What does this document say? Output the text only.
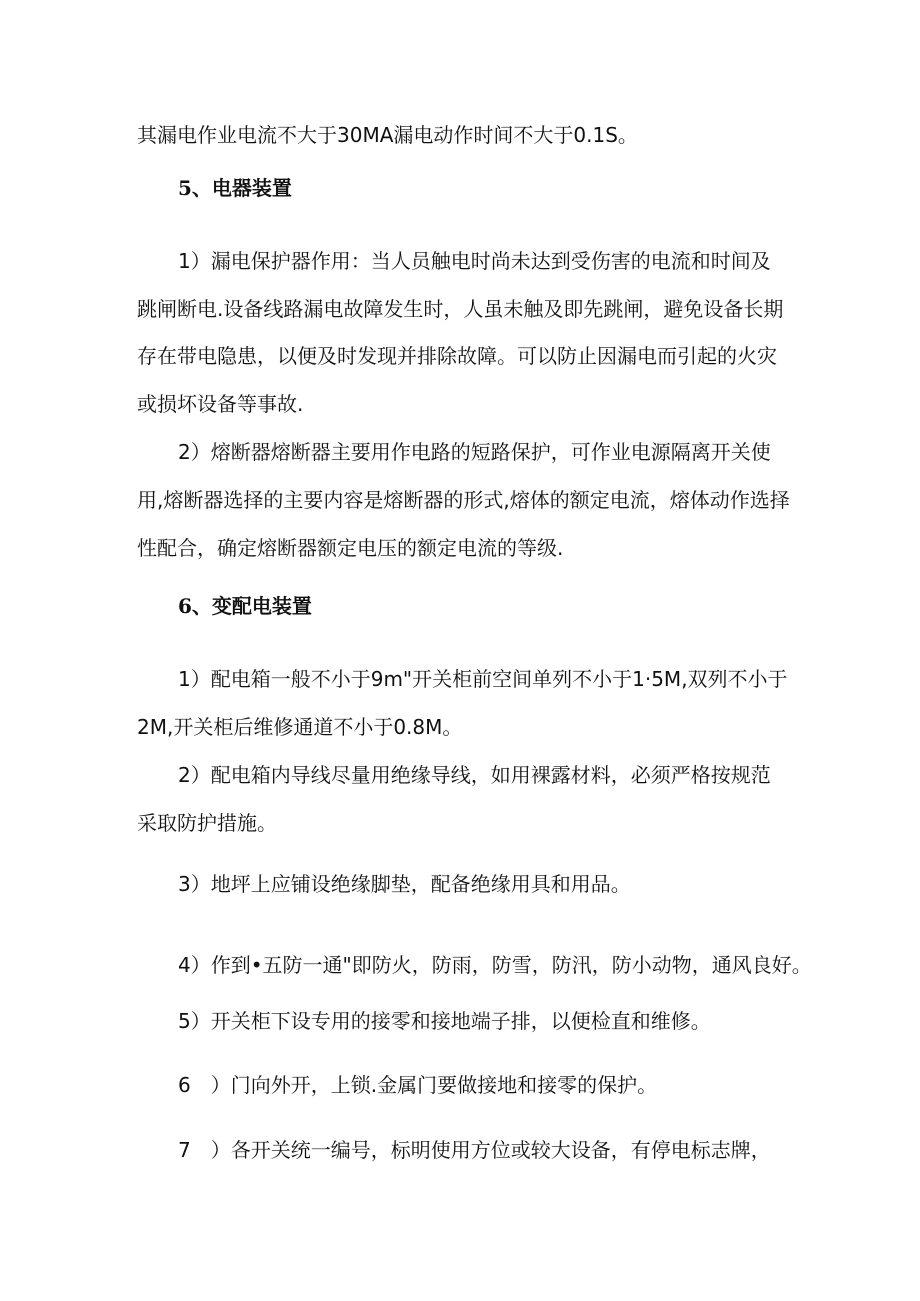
其漏电作业电流不大于30MA漏电动作时间不大于0.1S。

5、电器装置

1）漏电保护器作用：当人员触电时尚未达到受伤害的电流和时间及

跳闸断电.设备线路漏电故障发生时，人虽未触及即先跳闸，避免设备长期

存在带电隐患，以便及时发现并排除故障。可以防止因漏电而引起的火灾

或损坏设备等事故.

2）熔断器熔断器主要用作电路的短路保护，可作业电源隔离开关使

用,熔断器选择的主要内容是熔断器的形式,熔体的额定电流，熔体动作选择

性配合，确定熔断器额定电压的额定电流的等级.

6、变配电装置

1）配电箱一般不小于9m"开关柜前空间单列不小于1·5M,双列不小于

2M,开关柜后维修通道不小于0.8M。

2）配电箱内导线尽量用绝缘导线，如用裸露材料，必须严格按规范

采取防护措施。

3）地坪上应铺设绝缘脚垫，配备绝缘用具和用品。

4）作到•五防一通"即防火，防雨，防雪，防汛，防小动物，通风良好。

5）开关柜下设专用的接零和接地端子排，以便检直和维修。

6　）门向外开，上锁.金属门要做接地和接零的保护。

7　）各开关统一编号，标明使用方位或较大设备，有停电标志牌，
